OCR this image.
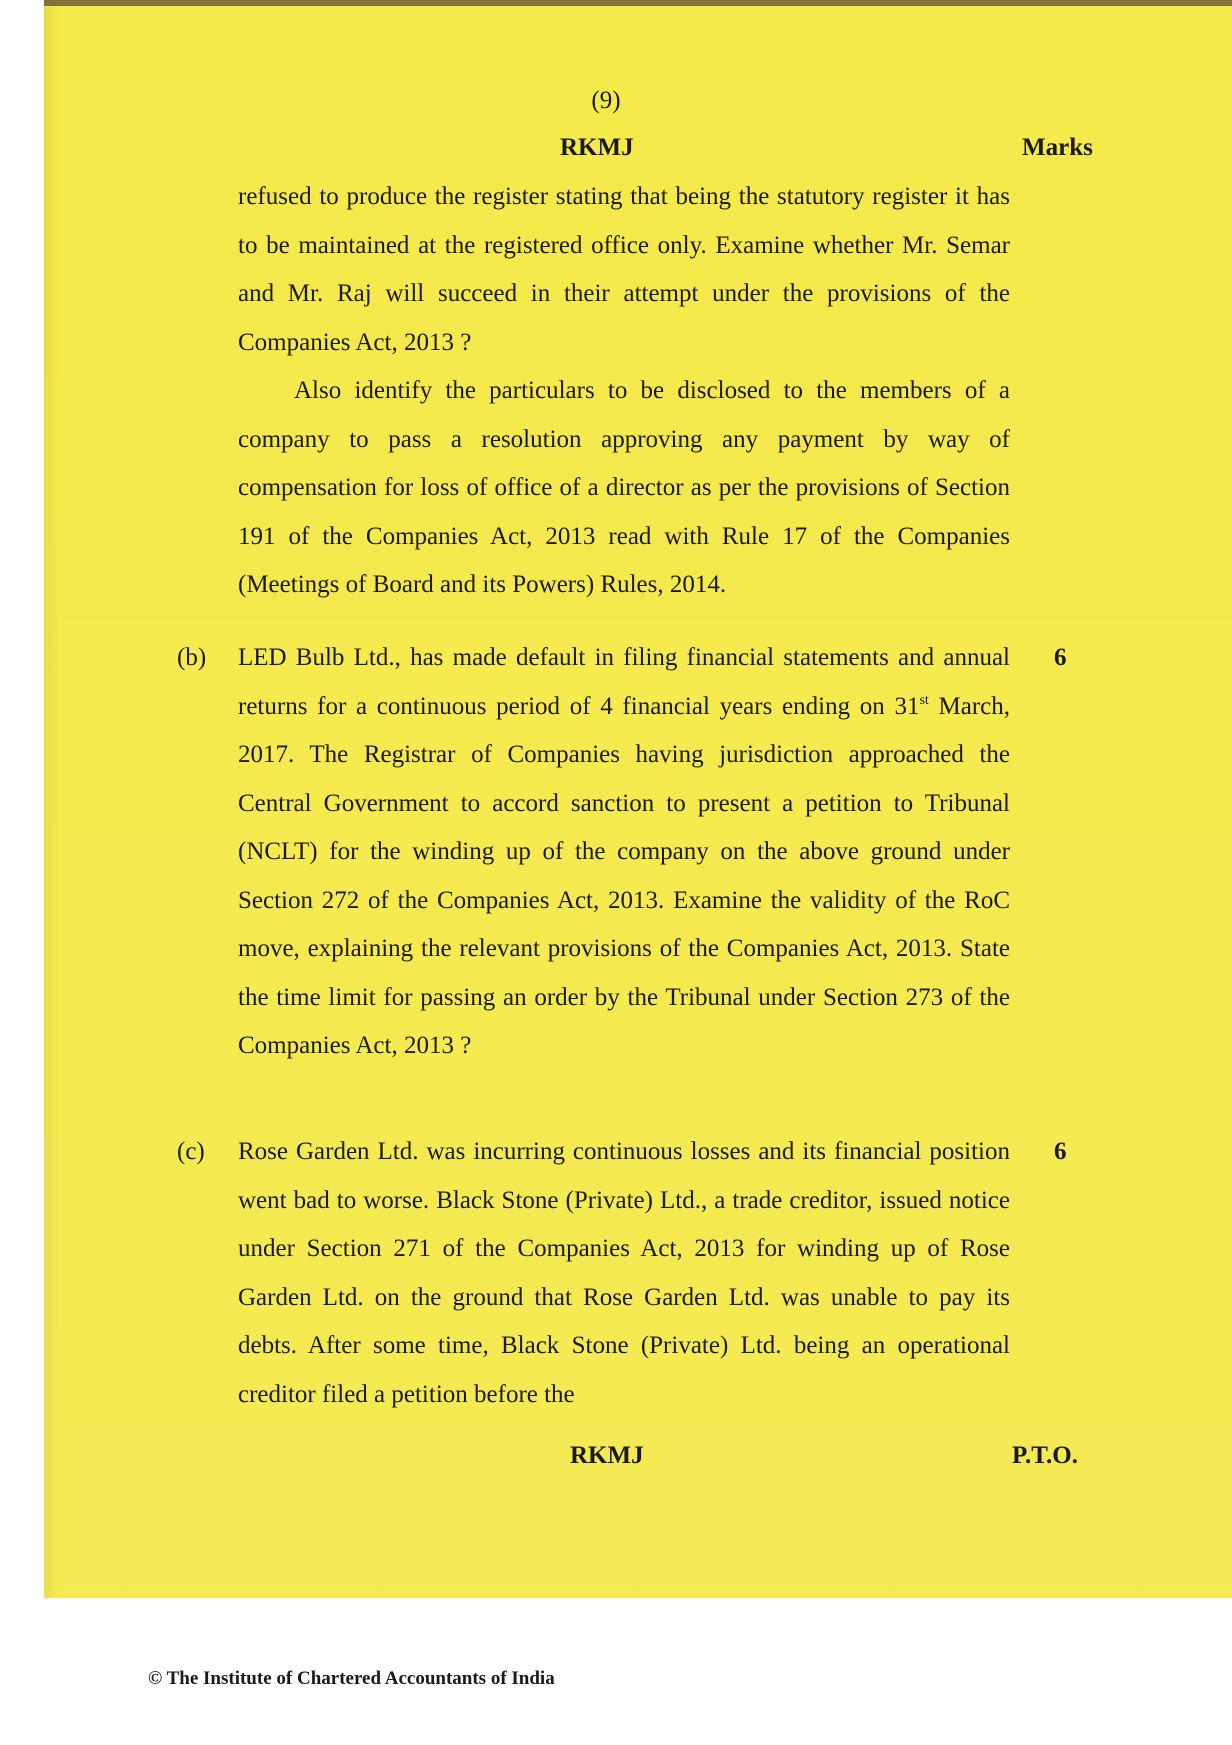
(9)
RKMJ	Marks

refused to produce the register stating that being the statutory register it has to be maintained at the registered office only. Examine whether Mr. Semar and Mr. Raj will succeed in their attempt under the provisions of the Companies Act, 2013 ?

Also identify the particulars to be disclosed to the members of a company to pass a resolution approving any payment by way of compensation for loss of office of a director as per the provisions of Section 191 of the Companies Act, 2013 read with Rule 17 of the Companies (Meetings of Board and its Powers) Rules, 2014.

(b)	6

LED Bulb Ltd., has made default in filing financial statements and annual returns for a continuous period of 4 financial years ending on 31st March, 2017. The Registrar of Companies having jurisdiction approached the Central Government to accord sanction to present a petition to Tribunal (NCLT) for the winding up of the company on the above ground under Section 272 of the Companies Act, 2013. Examine the validity of the RoC move, explaining the relevant provisions of the Companies Act, 2013. State the time limit for passing an order by the Tribunal under Section 273 of the Companies Act, 2013 ?

(c)	6

Rose Garden Ltd. was incurring continuous losses and its financial position went bad to worse. Black Stone (Private) Ltd., a trade creditor, issued notice under Section 271 of the Companies Act, 2013 for winding up of Rose Garden Ltd. on the ground that Rose Garden Ltd. was unable to pay its debts. After some time, Black Stone (Private) Ltd. being an operational creditor filed a petition before the

RKMJ	P.T.O.
© The Institute of Chartered Accountants of India
